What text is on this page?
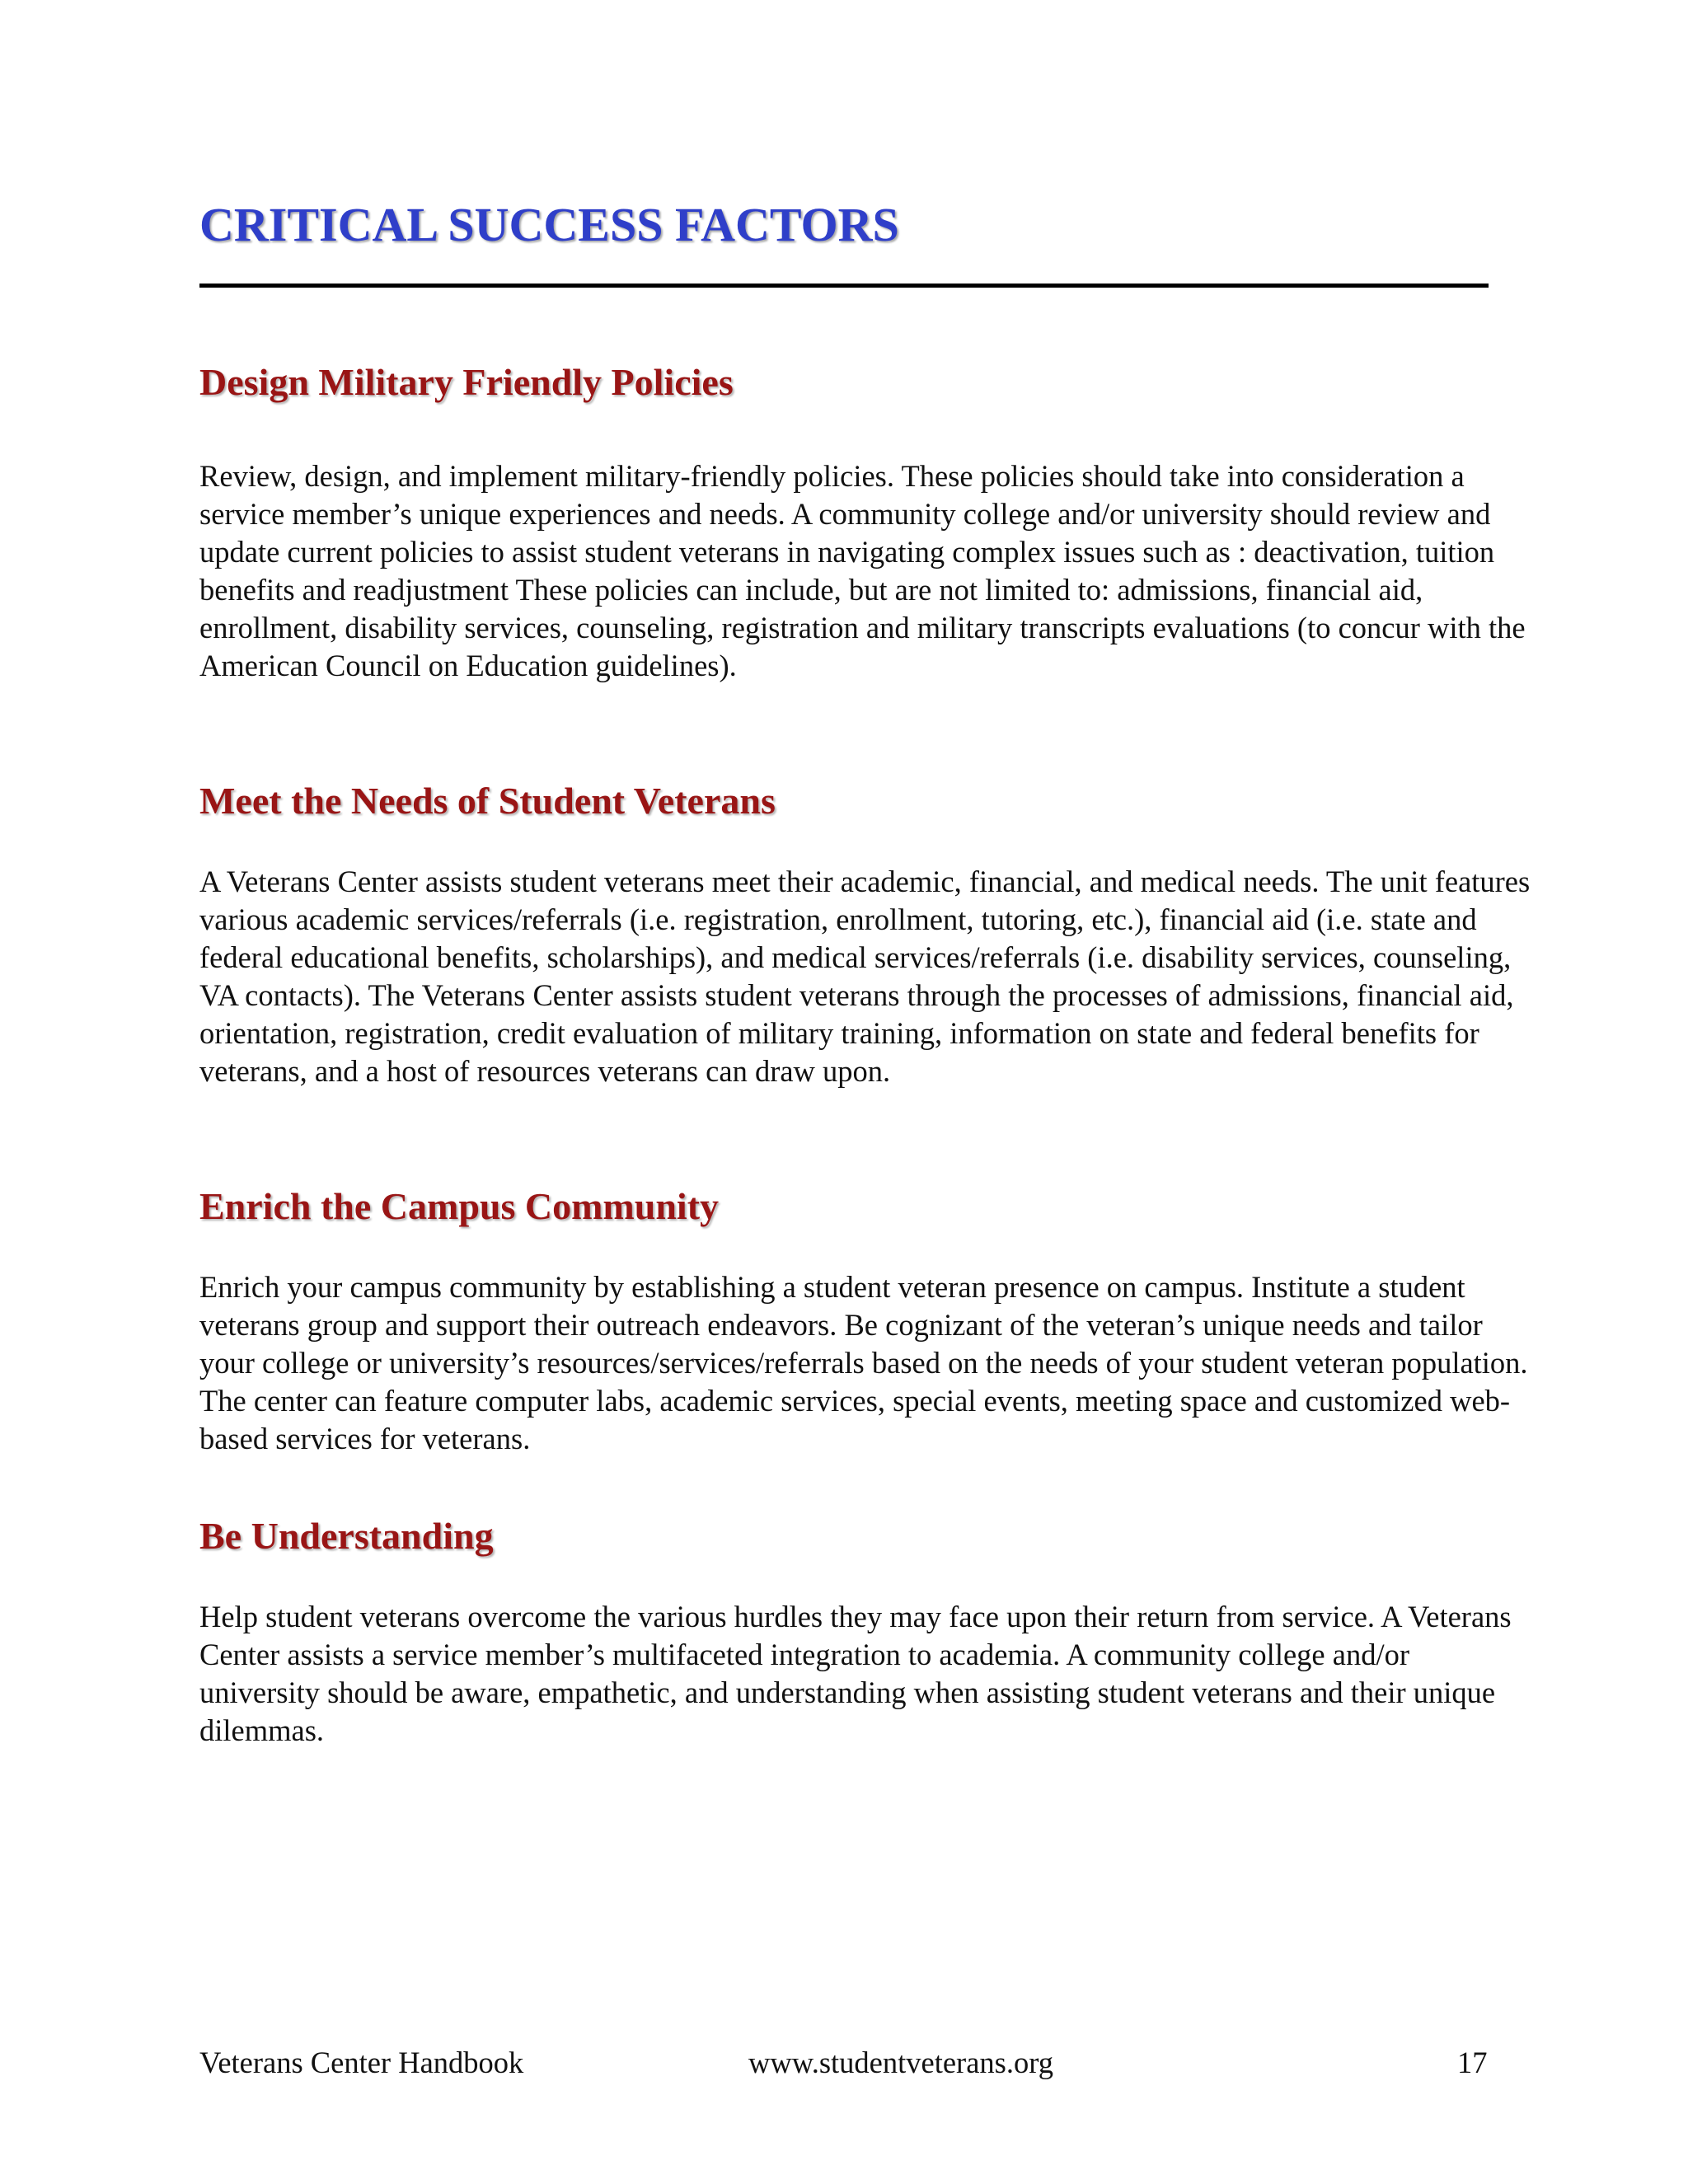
CRITICAL SUCCESS FACTORS
Design Military Friendly Policies

Review, design, and implement military-friendly policies. These policies should take into consideration a service member’s unique experiences and needs. A community college and/or university should review and update current policies to assist student veterans in navigating complex issues such as : deactivation, tuition benefits and readjustment These policies can include, but are not limited to: admissions, financial aid, enrollment, disability services, counseling, registration and military transcripts evaluations (to concur with the American Council on Education guidelines).

Meet the Needs of Student Veterans

A Veterans Center assists student veterans meet their academic, financial, and medical needs. The unit features various academic services/referrals (i.e. registration, enrollment, tutoring, etc.), financial aid (i.e. state and federal educational benefits, scholarships), and medical services/referrals (i.e. disability services, counseling, VA contacts). The Veterans Center assists student veterans through the processes of admissions, financial aid, orientation, registration, credit evaluation of military training, information on state and federal benefits for veterans, and a host of resources veterans can draw upon.

Enrich the Campus Community

Enrich your campus community by establishing a student veteran presence on campus. Institute a student veterans group and support their outreach endeavors. Be cognizant of the veteran’s unique needs and tailor your college or university’s resources/services/referrals based on the needs of your student veteran population. The center can feature computer labs, academic services, special events, meeting space and customized web-based services for veterans.

Be Understanding

Help student veterans overcome the various hurdles they may face upon their return from service. A Veterans Center assists a service member’s multifaceted integration to academia. A community college and/or university should be aware, empathetic, and understanding when assisting student veterans and their unique dilemmas.

Veterans Center Handbook	www.studentveterans.org	17
